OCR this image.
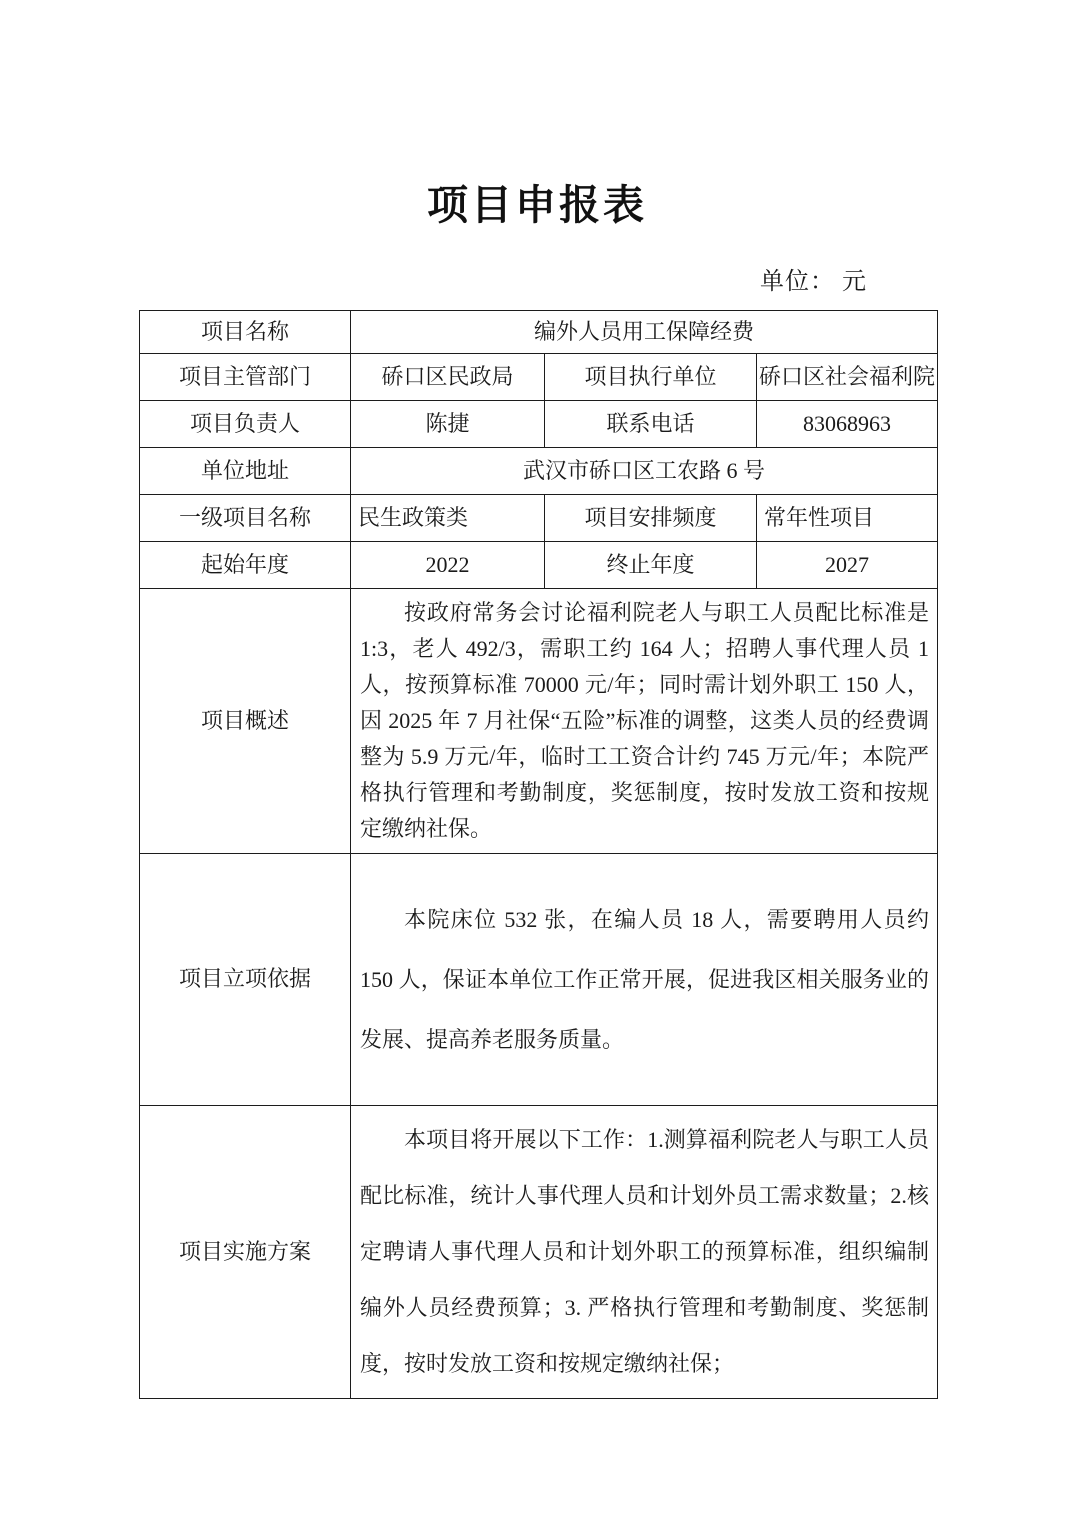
项目申报表
单位： 元
项目名称	编外人员用工保障经费		
项目主管部门	硚口区民政局	项目执行单位	硚口区社会福利院
项目负责人	陈捷	联系电话	83068963
单位地址	武汉市硚口区工农路 6 号		
一级项目名称	民生政策类	项目安排频度	常年性项目
起始年度	2022	终止年度	2027
项目概述	按政府常务会讨论福利院老人与职工人员配比标准是 1:3，老人 492/3，需职工约 164 人；招聘人事代理人员 1 人，按预算标准 70000 元/年；同时需计划外职工 150 人，因 2025 年 7 月社保“五险”标准的调整，这类人员的经费调整为 5.9 万元/年，临时工工资合计约 745 万元/年；本院严格执行管理和考勤制度，奖惩制度，按时发放工资和按规定缴纳社保。		

项目立项依据	本院床位 532 张，在编人员 18 人，需要聘用人员约 150 人，保证本单位工作正常开展，促进我区相关服务业的发展、提高养老服务质量。		

项目实施方案	本项目将开展以下工作：1.测算福利院老人与职工人员配比标准，统计人事代理人员和计划外员工需求数量；2.核定聘请人事代理人员和计划外职工的预算标准，组织编制编外人员经费预算；3. 严格执行管理和考勤制度、奖惩制度，按时发放工资和按规定缴纳社保；		
